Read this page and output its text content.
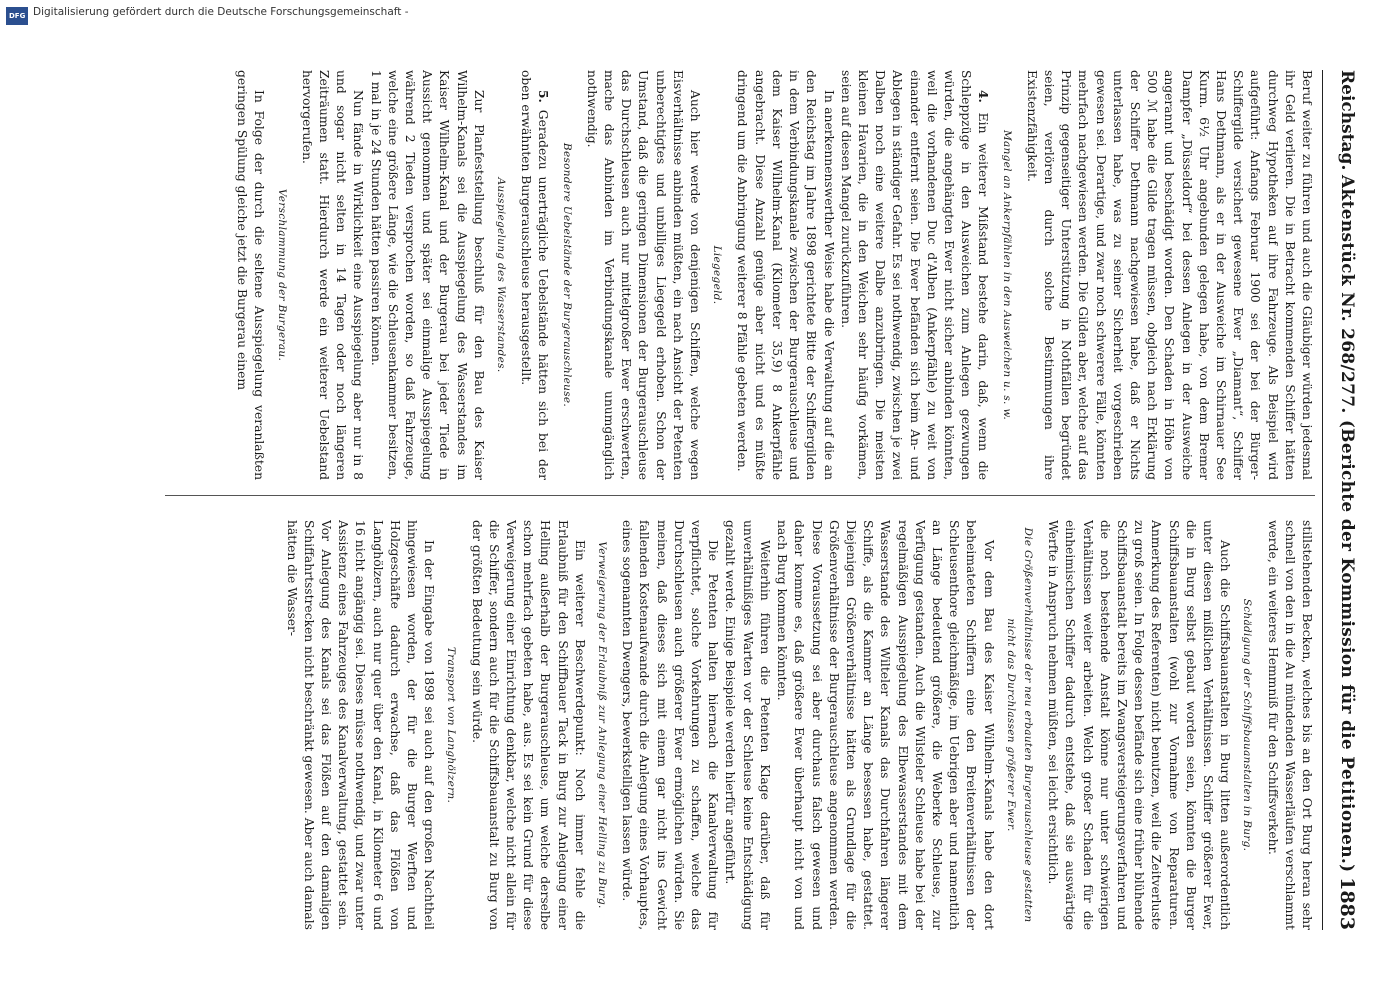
Reichstag.
Aktenstück Nr. 268/277. (Berichte der Kommission für die Petitionen.)
1883

Beruf weiter zu führen und auch die Gläubiger würden jedesmal ihr Geld verlieren. Die in Betracht kommenden Schiffer hätten durchweg Hypotheken auf ihre Fahrzeuge. Als Beispiel wird aufgeführt: Anfangs Februar 1900 sei der bei der Bürger-Schiffergilde versichert gewesene Ewer „Diamant“, Schiffer Hans Dethmann, als er in der Ausweiche im Schirnauer See Kurm. 6½ Uhr angebunden gelegen habe, von dem Bremer Dampfer „Düsseldorf“ bei dessen Anlegen in der Ausweiche angerannt und beschädigt worden. Den Schaden in Höhe von 500 ℳ habe die Gilde tragen müssen, obgleich nach Erklärung der Schiffer Dethmann nachgewiesen habe, daß er Nichts unterlassen habe, was zu seiner Sicherheit vorgeschrieben gewesen sei. Derartige, und zwar noch schwerere Fälle, könnten mehrfach nachgewiesen werden. Die Gilden aber, welche auf das Prinzip gegenseitiger Unterstützung in Nothfällen begründet seien, verlören durch solche Bestimmungen ihre Existenzfähigkeit.

Mangel an Ankerpfählen in den Ausweichen u. s. w.

4. Ein weiterer Mißstand bestehe darin, daß, wenn die Schleppzüge in den Ausweichen zum Anlegen gezwungen würden, die angehängten Ewer nicht sicher anbinden könnten, weil die vorhandenen Duc d'Alben (Ankerpfähle) zu weit von einander entfernt seien. Die Ewer befänden sich beim An- und Ablegen in ständiger Gefahr. Es sei nothwendig, zwischen je zwei Dalben noch eine weitere Dalbe anzubringen. Die meisten kleinen Havarien, die in den Weichen sehr häufig vorkämen, seien auf diesen Mangel zurückzuführen.

In anerkennenswerther Weise habe die Verwaltung auf die an den Reichstag im Jahre 1898 gerichtete Bitte der Schiffergilden in dem Verbindungskanale zwischen der Burgerauschleuse und dem Kaiser Wilhelm-Kanal (Kilometer 35,9) 8 Ankerpfähle angebracht. Diese Anzahl genüge aber nicht und es müßte dringend um die Anbringung weiterer 8 Pfähle gebeten werden.

Liegegeld.

Auch hier werde von denjenigen Schiffen, welche wegen Eisverhältnisse anbinden müßten, ein nach Ansicht der Petenten unberechtigtes und unbilliges Liegegeld erhoben. Schon der Umstand, daß die geringen Dimensionen der Burgerauschleuse das Durchschleusen auch nur mittelgroßer Ewer erschwerten, mache das Anbinden im Verbindungskanale unumgänglich nothwendig.

Besondere Uebelstände der Burgerauschleuse.

5. Geradezu unerträgliche Uebelstände hätten sich bei der oben erwähnten Burgerauschleuse herausgestellt.

Ausspiegelung des Wasserstandes.

Zur Planfeststellung beschluß für den Bau des Kaiser Wilhelm-Kanals sei die Ausspiegelung des Wasserstandes im Kaiser Wilhelm-Kanal und der Burgerau bei jeder Tiede in Aussicht genommen und später sei einmalige Ausspiegelung während 2 Tieden versprochen worden, so daß Fahrzeuge, welche eine größere Länge, wie die Schleusenkammer besitzen, 1 mal in je 24 Stunden hätten passiren können.

Nun fände in Wirklichkeit eine Ausspiegelung aber nur in 8 und sogar nicht selten in 14 Tagen oder noch längeren Zeiträumen statt. Hierdurch werde ein weiterer Uebelstand hervorgerufen.

Verschlammung der Burgerau.

In Folge der durch die seltene Ausspiegelung veranlaßten geringen Spülung gleiche jetzt die Burgerau einem

stillstehenden Becken, welches bis an den Ort Burg heran sehr schnell von den in die Au mündenden Wasserläufen verschlammt werde, ein weiteres Hemmniß für den Schiffsverkehr.

Schädigung der Schiffsbauanstalten in Burg.

Auch die Schiffsbauanstalten in Burg litten außerordentlich unter diesen mißlichen Verhältnissen. Schiffer größerer Ewer, die in Burg selbst gebaut worden seien, könnten die Burger Schiffsbauanstalten (wohl zur Vornahme von Reparaturen. Anmerkung des Referenten) nicht benutzen, weil die Zeitverluste zu groß seien. In Folge dessen befände sich eine früher blühende Schiffsbauanstalt bereits im Zwangsversteigerungsverfahren und die noch bestehende Anstalt könne nur unter schwierigen Verhältnissen weiter arbeiten. Welch großer Schaden für die einheimischen Schiffer dadurch entstehe, daß sie auswärtige Werfte in Anspruch nehmen müßten, sei leicht ersichtlich.

Die Größenverhältnisse der neu erbauten Burgerauschleuse gestatten nicht das Durchlassen größerer Ewer.

Vor dem Bau des Kaiser Wilhelm-Kanals habe den dort beheimateten Schiffern eine den Breitenverhältnissen der Schleusenthore gleichmäßige, im Uebrigen aber und namentlich an Länge bedeutend größere, die Weberke Schleuse, zur Verfügung gestanden. Auch die Wilsteler Schleuse habe bei der regelmäßigen Ausspiegelung des Elbewasserstandes mit dem Wasserstande des Wilteler Kanals das Durchfahren längerer Schiffe, als die Kammer an Länge besessen habe, gestattet. Diejenigen Größenverhältnisse hätten als Grundlage für die Größenverhältnisse der Burgerauschleuse angenommen werden. Diese Voraussetzung sei aber durchaus falsch gewesen und daher komme es, daß größere Ewer überhaupt nicht von und nach Burg kommen könnten.

Weiterhin führen die Petenten Klage darüber, daß für unverhältnißiges Warten vor der Schleuse keine Entschädigung gezahlt werde. Einige Beispiele werden hierfür angeführt.

Die Petenten halten hiernach die Kanalverwaltung für verpflichtet, solche Vorkehrungen zu schaffen, welche das Durchschleusen auch größerer Ewer ermöglichen würden. Sie meinen, daß dieses sich mit einem gar nicht ins Gewicht fallenden Kostenaufwande durch die Anlegung eines Vorhauptes, eines sogenannten Dwengers, bewerkstelligen lassen würde.

Verweigerung der Erlaubniß zur Anlegung einer Helling zu Burg.

Ein weiterer Beschwerdepunkt: Noch immer fehle die Erlaubniß für den Schiffbauer Tack in Burg zur Anlegung einer Helling außerhalb der Burgerauschleuse, um welche derselbe schon mehrfach gebeten habe, aus. Es sei kein Grund für diese Verweigerung einer Einrichtung denkbar, welche nicht allein für die Schiffer, sondern auch für die Schiffsbauanstalt zu Burg von der größten Bedeutung sein würde.

Transport von Langhölzern.

In der Eingabe von 1898 sei auch auf den großen Nachtheil hingewiesen worden, der für die Burger Werften und Holzgeschäfte dadurch erwachse, daß das Flößen von Langhölzern, auch nur quer über den Kanal, in Kilometer 6 und 16 nicht angängig sei. Dieses müsse nothwendig, und zwar unter Assistenz eines Fahrzeuges des Kanalverwaltung, gestattet sein. Vor Anlegung des Kanals sei das Flößen auf den damaligen Schiffahrtsstrecken nicht beschränkt gewesen. Aber auch damals hätten die Wasser-

Digitalisierung gefördert durch die Deutsche Forschungsgemeinschaft -
DFG
